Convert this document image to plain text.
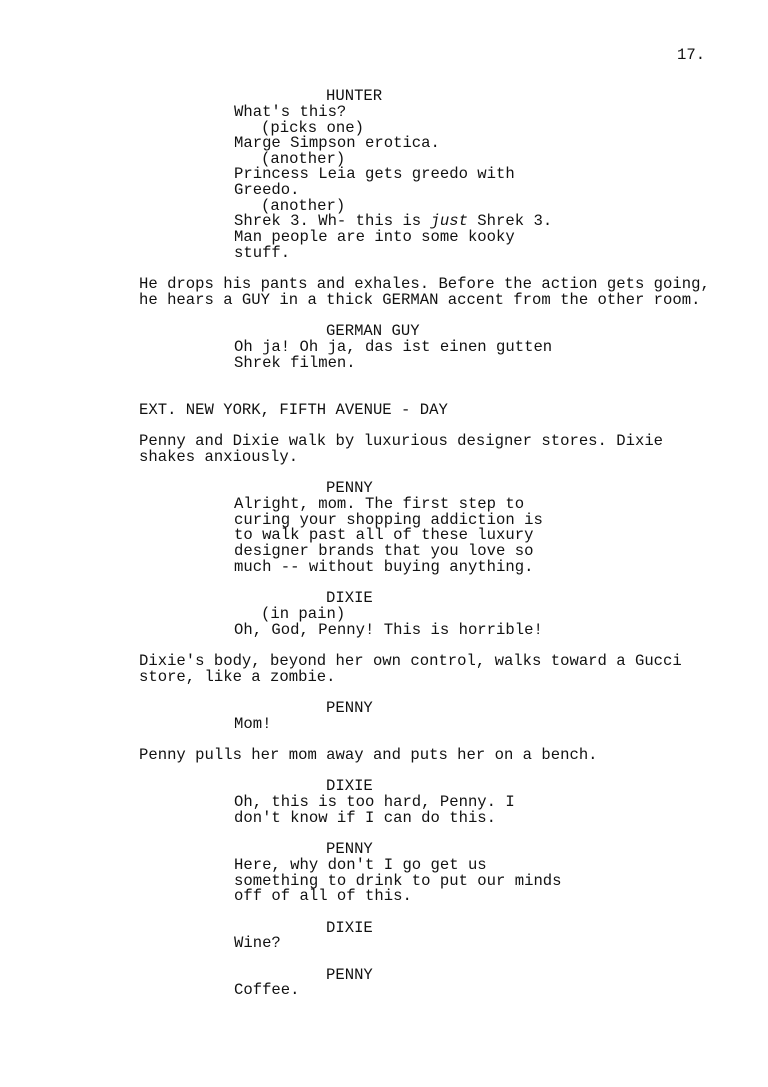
17.
HUNTER
What's this?
(picks one)
Marge Simpson erotica.
(another)
Princess Leia gets greedo with
Greedo.
(another)
Shrek 3. Wh- this is just Shrek 3.
Man people are into some kooky
stuff.
He drops his pants and exhales. Before the action gets going,
he hears a GUY in a thick GERMAN accent from the other room.
GERMAN GUY
Oh ja! Oh ja, das ist einen gutten
Shrek filmen.
EXT. NEW YORK, FIFTH AVENUE - DAY
Penny and Dixie walk by luxurious designer stores. Dixie
shakes anxiously.
PENNY
Alright, mom. The first step to
curing your shopping addiction is
to walk past all of these luxury
designer brands that you love so
much -- without buying anything.
DIXIE
(in pain)
Oh, God, Penny! This is horrible!
Dixie's body, beyond her own control, walks toward a Gucci
store, like a zombie.
PENNY
Mom!
Penny pulls her mom away and puts her on a bench.
DIXIE
Oh, this is too hard, Penny. I
don't know if I can do this.
PENNY
Here, why don't I go get us
something to drink to put our minds
off of all of this.
DIXIE
Wine?
PENNY
Coffee.
